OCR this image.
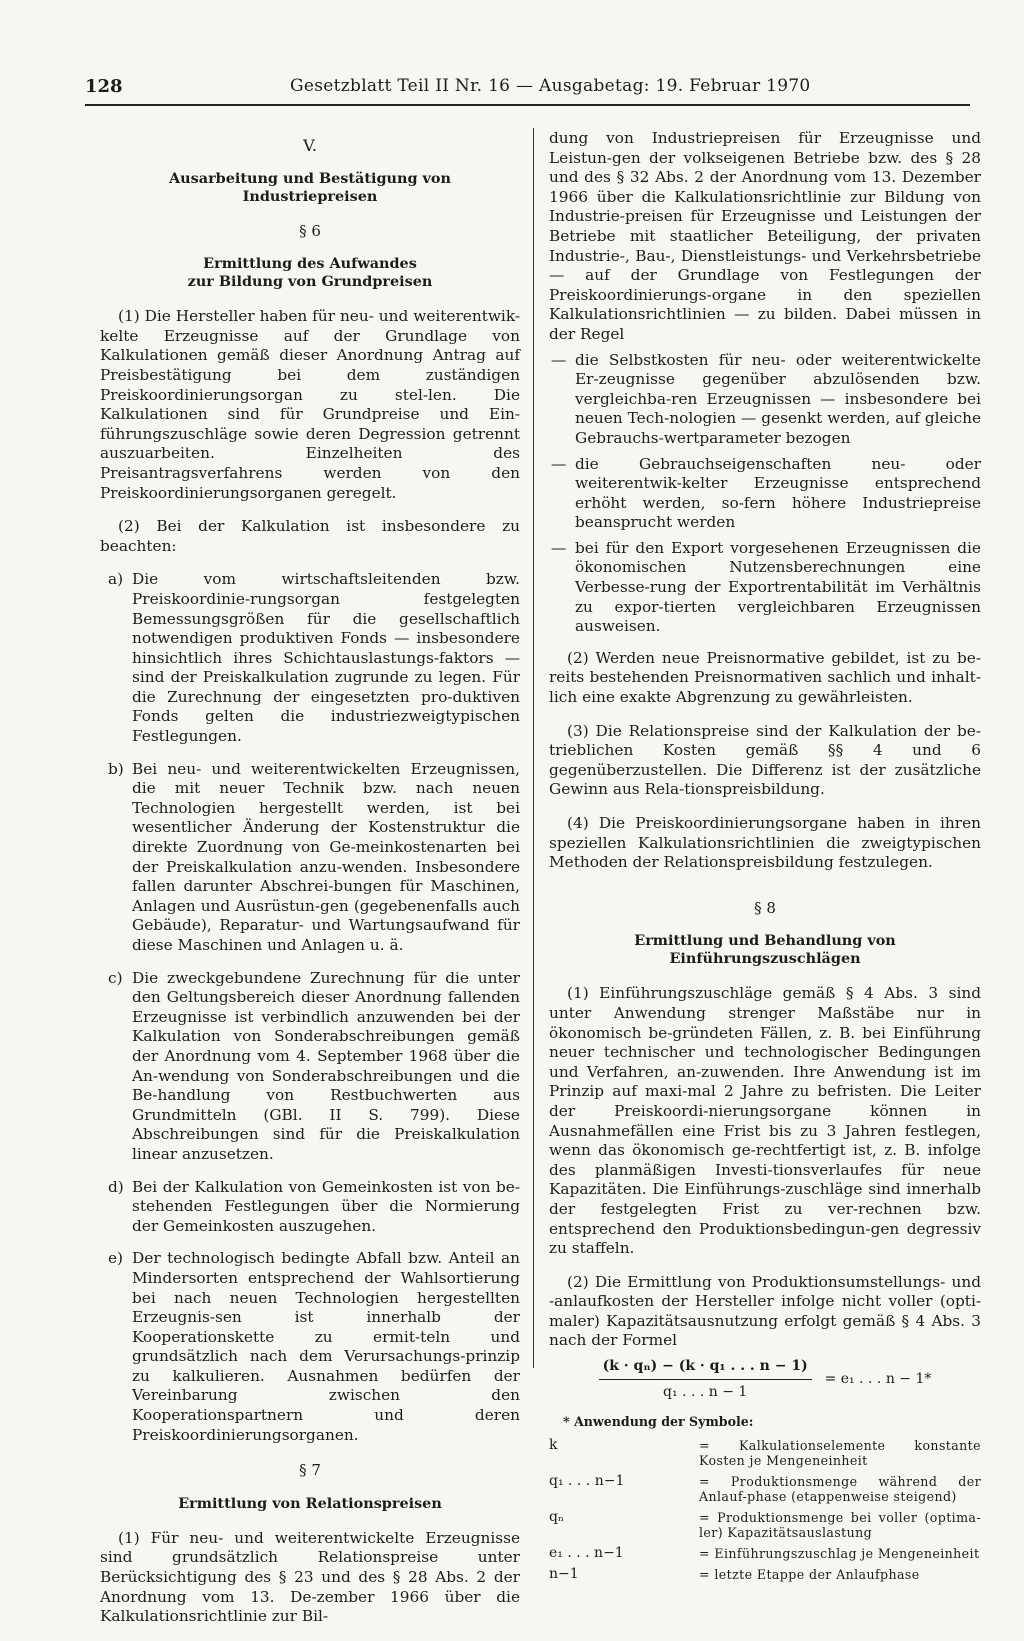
128	Gesetzblatt Teil II Nr. 16 — Ausgabetag: 19. Februar 1970
V.
Ausarbeitung und Bestätigung von Industriepreisen
§ 6
Ermittlung des Aufwandes
zur Bildung von Grundpreisen

(1) Die Hersteller haben für neu- und weiterentwik-kelte Erzeugnisse auf der Grundlage von Kalkulationen gemäß dieser Anordnung Antrag auf Preisbestätigung bei dem zuständigen Preiskoordinierungsorgan zu stel-len. Die Kalkulationen sind für Grundpreise und Ein-führungszuschläge sowie deren Degression getrennt auszuarbeiten. Einzelheiten des Preisantragsverfahrens werden von den Preiskoordinierungsorganen geregelt.

(2) Bei der Kalkulation ist insbesondere zu beachten:

a) Die vom wirtschaftsleitenden bzw. Preiskoordinie-rungsorgan festgelegten Bemessungsgrößen für die gesellschaftlich notwendigen produktiven Fonds — insbesondere hinsichtlich ihres Schichtauslastungs-faktors — sind der Preiskalkulation zugrunde zu legen. Für die Zurechnung der eingesetzten pro-duktiven Fonds gelten die industriezweigtypischen Festlegungen.
b) Bei neu- und weiterentwickelten Erzeugnissen, die mit neuer Technik bzw. nach neuen Technologien hergestellt werden, ist bei wesentlicher Änderung der Kostenstruktur die direkte Zuordnung von Ge-meinkostenarten bei der Preiskalkulation anzu-wenden. Insbesondere fallen darunter Abschrei-bungen für Maschinen, Anlagen und Ausrüstun-gen (gegebenenfalls auch Gebäude), Reparatur- und Wartungsaufwand für diese Maschinen und Anlagen u. ä.
c) Die zweckgebundene Zurechnung für die unter den Geltungsbereich dieser Anordnung fallenden Erzeugnisse ist verbindlich anzuwenden bei der Kalkulation von Sonderabschreibungen gemäß der Anordnung vom 4. September 1968 über die An-wendung von Sonderabschreibungen und die Be-handlung von Restbuchwerten aus Grundmitteln (GBl. II S. 799). Diese Abschreibungen sind für die Preiskalkulation linear anzusetzen.
d) Bei der Kalkulation von Gemeinkosten ist von be-stehenden Festlegungen über die Normierung der Gemeinkosten auszugehen.
e) Der technologisch bedingte Abfall bzw. Anteil an Mindersorten entsprechend der Wahlsortierung bei nach neuen Technologien hergestellten Erzeugnis-sen ist innerhalb der Kooperationskette zu ermit-teln und grundsätzlich nach dem Verursachungs-prinzip zu kalkulieren. Ausnahmen bedürfen der Vereinbarung zwischen den Kooperationspartnern und deren Preiskoordinierungsorganen.
§ 7
Ermittlung von Relationspreisen

(1) Für neu- und weiterentwickelte Erzeugnisse sind grundsätzlich Relationspreise unter Berücksichtigung des § 23 und des § 28 Abs. 2 der Anordnung vom 13. De-zember 1966 über die Kalkulationsrichtlinie zur Bil-

dung von Industriepreisen für Erzeugnisse und Leistun-gen der volkseigenen Betriebe bzw. des § 28 und des § 32 Abs. 2 der Anordnung vom 13. Dezember 1966 über die Kalkulationsrichtlinie zur Bildung von Industrie-preisen für Erzeugnisse und Leistungen der Betriebe mit staatlicher Beteiligung, der privaten Industrie-, Bau-, Dienstleistungs- und Verkehrsbetriebe — auf der Grundlage von Festlegungen der Preiskoordinierungs-organe in den speziellen Kalkulationsrichtlinien — zu bilden. Dabei müssen in der Regel

— die Selbstkosten für neu- oder weiterentwickelte Er-zeugnisse gegenüber abzulösenden bzw. vergleichba-ren Erzeugnissen — insbesondere bei neuen Tech-nologien — gesenkt werden, auf gleiche Gebrauchs-wertparameter bezogen
— die Gebrauchseigenschaften neu- oder weiterentwik-kelter Erzeugnisse entsprechend erhöht werden, so-fern höhere Industriepreise beansprucht werden
— bei für den Export vorgesehenen Erzeugnissen die ökonomischen Nutzensberechnungen eine Verbesse-rung der Exportrentabilität im Verhältnis zu expor-tierten vergleichbaren Erzeugnissen ausweisen.

(2) Werden neue Preisnormative gebildet, ist zu be-reits bestehenden Preisnormativen sachlich und inhalt-lich eine exakte Abgrenzung zu gewährleisten.

(3) Die Relationspreise sind der Kalkulation der be-trieblichen Kosten gemäß §§ 4 und 6 gegenüberzustellen. Die Differenz ist der zusätzliche Gewinn aus Rela-tionspreisbildung.

(4) Die Preiskoordinierungsorgane haben in ihren speziellen Kalkulationsrichtlinien die zweigtypischen Methoden der Relationspreisbildung festzulegen.

§ 8
Ermittlung und Behandlung von
Einführungszuschlägen

(1) Einführungszuschläge gemäß § 4 Abs. 3 sind unter Anwendung strenger Maßstäbe nur in ökonomisch be-gründeten Fällen, z. B. bei Einführung neuer technischer und technologischer Bedingungen und Verfahren, an-zuwenden. Ihre Anwendung ist im Prinzip auf maxi-mal 2 Jahre zu befristen. Die Leiter der Preiskoordi-nierungsorgane können in Ausnahmefällen eine Frist bis zu 3 Jahren festlegen, wenn das ökonomisch ge-rechtfertigt ist, z. B. infolge des planmäßigen Investi-tionsverlaufes für neue Kapazitäten. Die Einführungs-zuschläge sind innerhalb der festgelegten Frist zu ver-rechnen bzw. entsprechend den Produktionsbedingun-gen degressiv zu staffeln.

(2) Die Ermittlung von Produktionsumstellungs- und -anlaufkosten der Hersteller infolge nicht voller (opti-maler) Kapazitätsausnutzung erfolgt gemäß § 4 Abs. 3 nach der Formel

$\frac{\text{(k · qₙ) − (k · q₁ . . . n − 1)}}{\text{q₁ . . . n − 1}} = e_1$ . . . n − 1*
* Anwendung der Symbole:
k	= Kalkulationselemente konstante Kosten je Mengeneinheit
q₁ . . . n−1	= Produktionsmenge während der Anlauf-phase (etappenweise steigend)
qₙ	= Produktionsmenge bei voller (optima-ler) Kapazitätsauslastung
e₁ . . . n−1	= Einführungszuschlag je Mengeneinheit
n−1	= letzte Etappe der Anlaufphase
